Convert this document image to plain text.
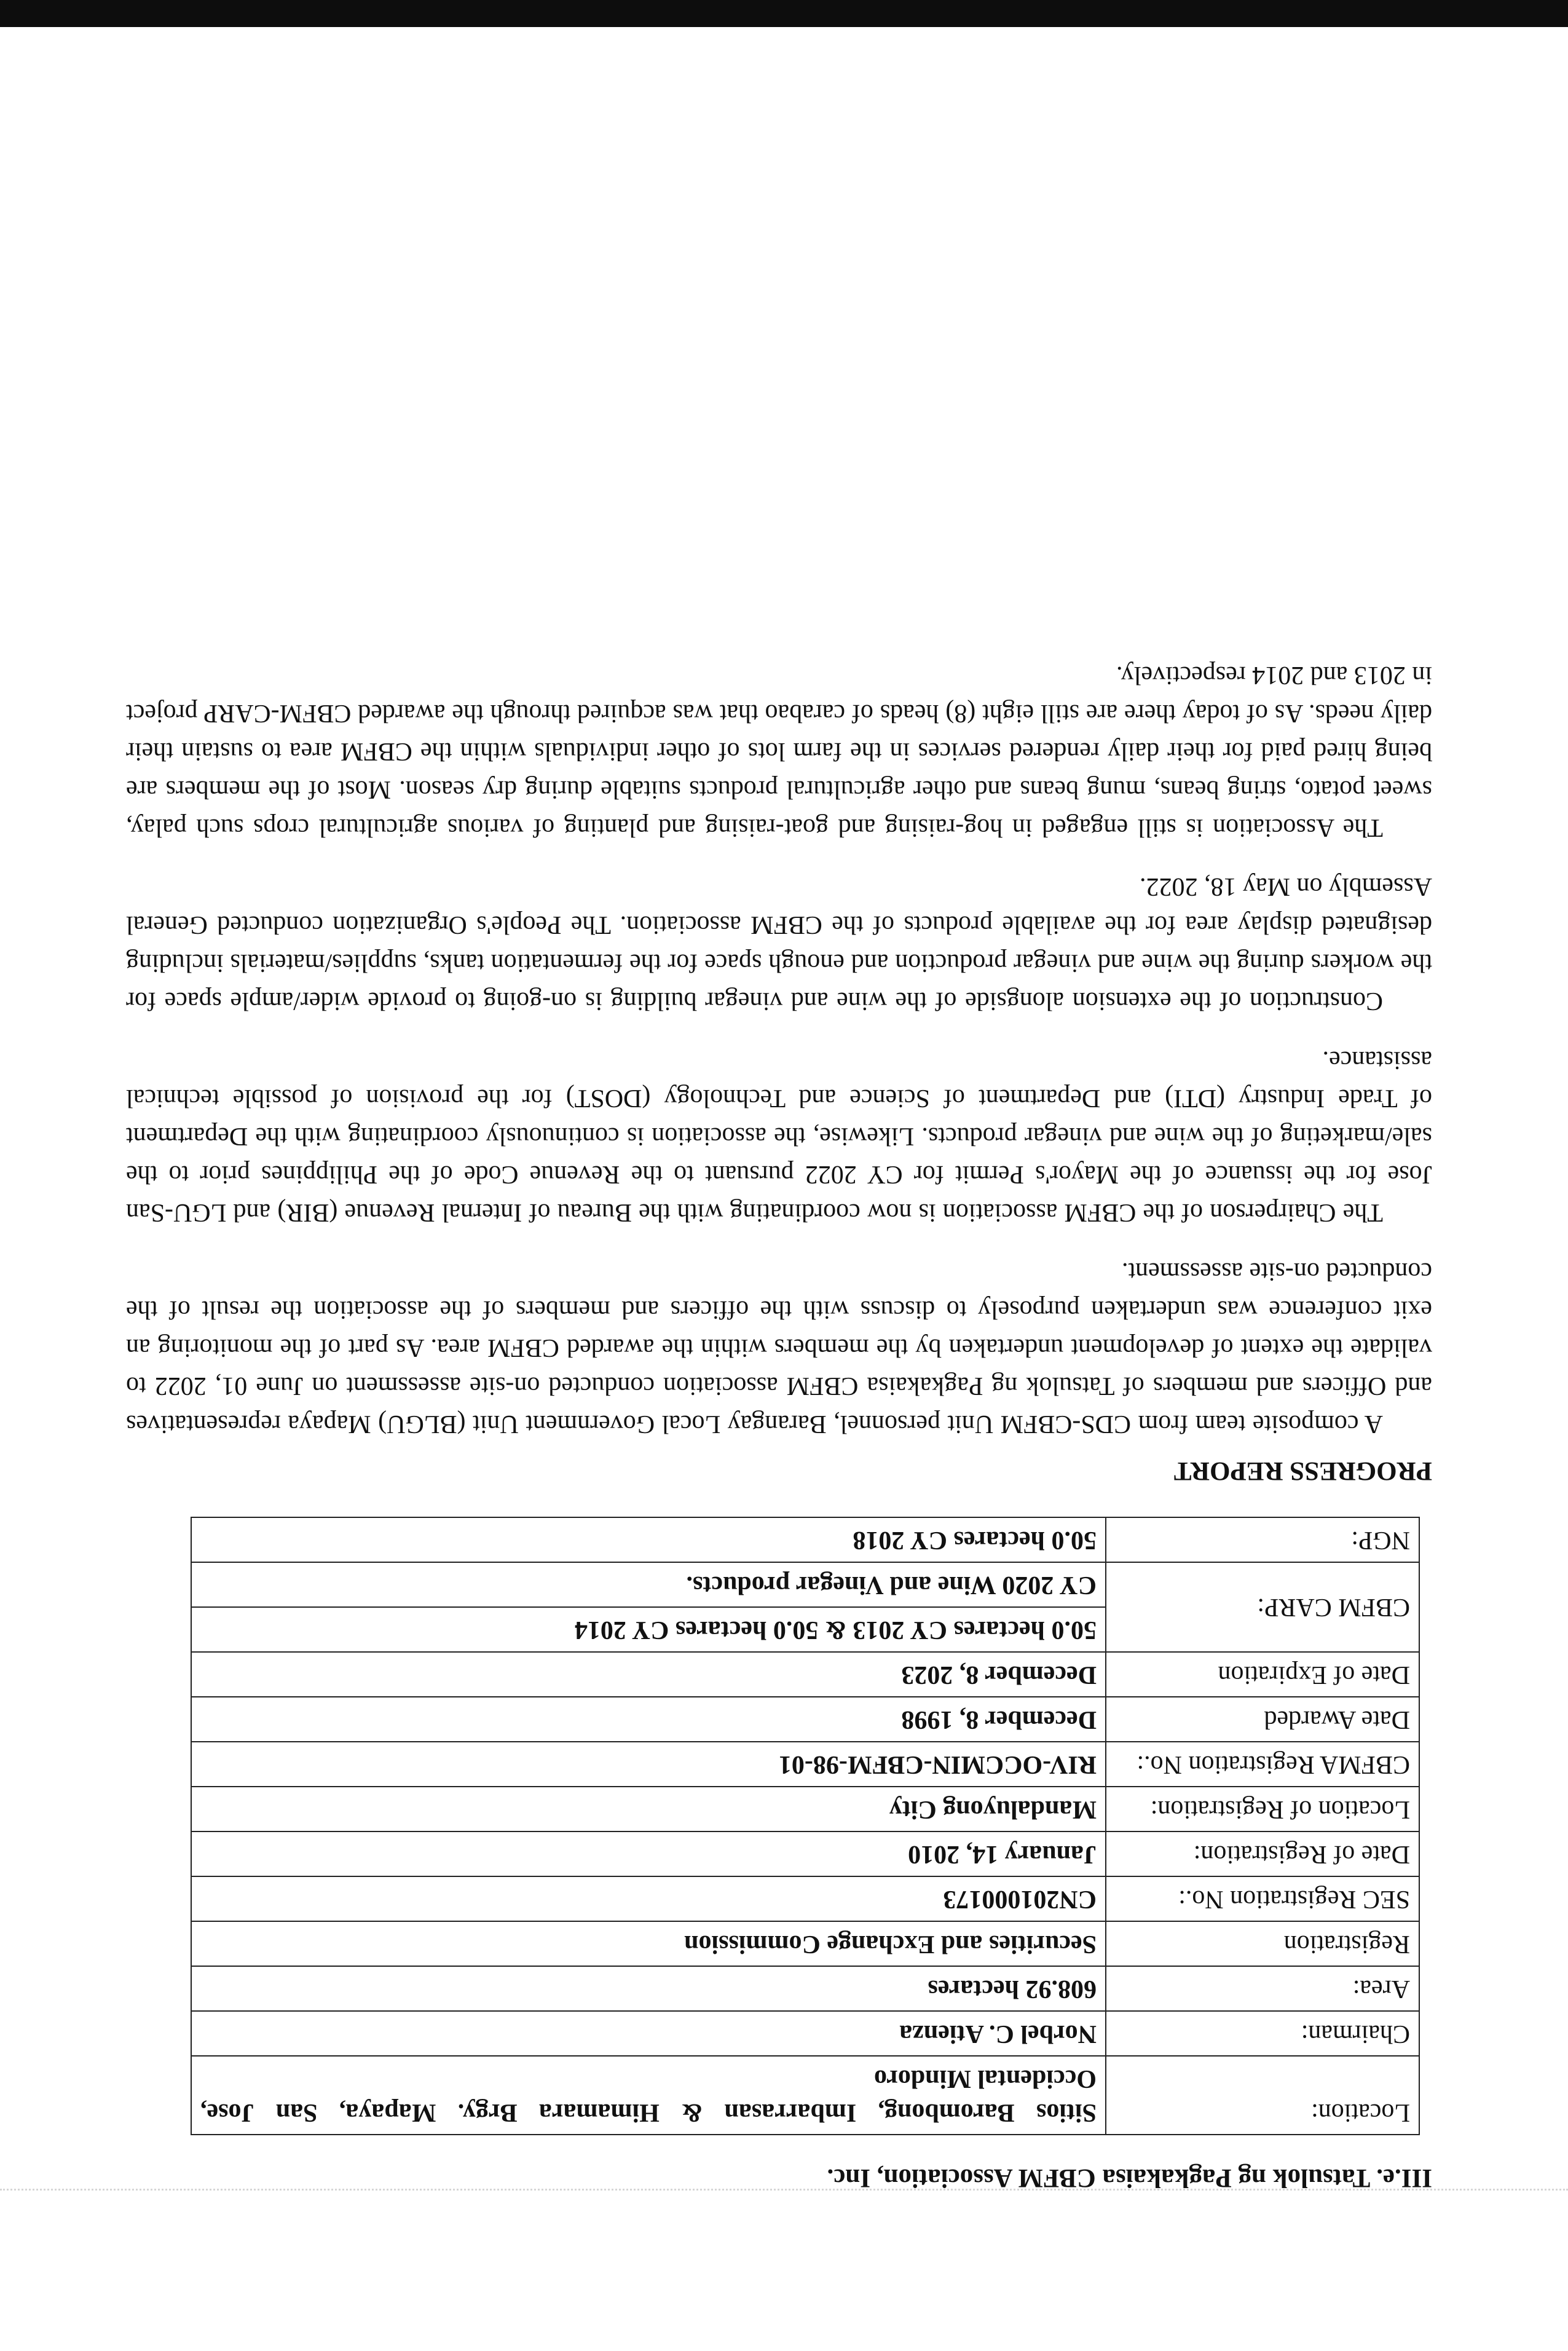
III.e. Tatsulok ng Pagkakaisa CBFM Association, Inc.

Location:	Sitios Barombong, Imbarrasan & Himamara Brgy. Mapaya, San Jose, Occidental Mindoro
Chairman:	Norbel C. Atienza
Area:	608.92 hectares
Registration	Securities and Exchange Commission
SEC Registration No.:	CN201000173
Date of Registration:	January 14, 2010
Location of Registration:	Mandaluyong City
CBFMA Registration No.:	RIV-OCCMIN-CBFM-98-01
Date Awarded	December 8, 1998
Date of Expiration	December 8, 2023
CBFM CARP:	50.0 hectares CY 2013 & 50.0 hectares CY 2014
	CY 2020 Wine and Vinegar products.
NGP:	50.0 hectares CY 2018

PROGRESS REPORT

A composite team from CDS-CBFM Unit personnel, Barangay Local Government Unit (BLGU) Mapaya representatives and Officers and members of Tatsulok ng Pagkakaisa CBFM association conducted on-site assessment on June 01, 2022 to validate the extent of development undertaken by the members within the awarded CBFM area. As part of the monitoring an exit conference was undertaken purposely to discuss with the officers and members of the association the result of the conducted on-site assessment.

The Chairperson of the CBFM association is now coordinating with the Bureau of Internal Revenue (BIR) and LGU-San Jose for the issuance of the Mayor's Permit for CY 2022 pursuant to the Revenue Code of the Philippines prior to the sale/marketing of the wine and vinegar products. Likewise, the association is continuously coordinating with the Department of Trade Industry (DTI) and Department of Science and Technology (DOST) for the provision of possible technical assistance.

Construction of the extension alongside of the wine and vinegar building is on-going to provide wider/ample space for the workers during the wine and vinegar production and enough space for the fermentation tanks, supplies/materials including designated display area for the available products of the CBFM association. The People's Organization conducted General Assembly on May 18, 2022.

The Association is still engaged in hog-raising and goat-raising and planting of various agricultural crops such palay, sweet potato, string beans, mung beans and other agricultural products suitable during dry season. Most of the members are being hired paid for their daily rendered services in the farm lots of other individuals within the CBFM area to sustain their daily needs. As of today there are still eight (8) heads of carabao that was acquired through the awarded CBFM-CARP project in 2013 and 2014 respectively.
